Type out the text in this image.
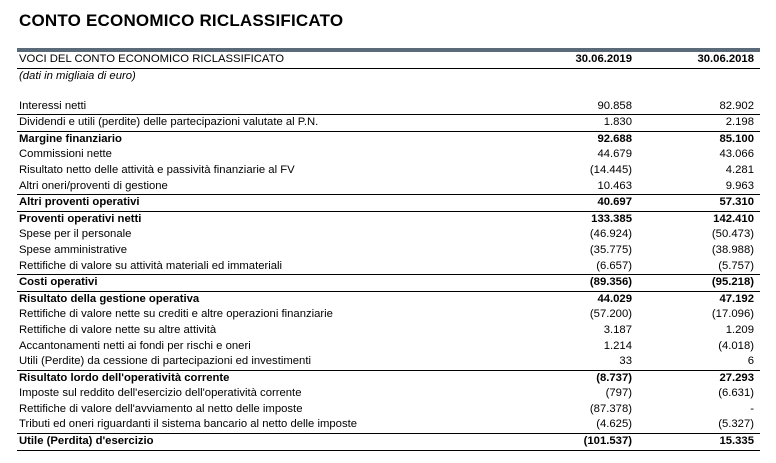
CONTO ECONOMICO RICLASSIFICATO
VOCI DEL CONTO ECONOMICO RICLASSIFICATO	30.06.2019	30.06.2018
(dati in migliaia di euro)
Interessi netti	90.858	82.902
Dividendi e utili (perdite) delle partecipazioni valutate al P.N.	1.830	2.198
Margine finanziario	92.688	85.100
Commissioni nette	44.679	43.066
Risultato netto delle attività e passività finanziarie al FV	(14.445)	4.281
Altri oneri/proventi di gestione	10.463	9.963
Altri proventi operativi	40.697	57.310
Proventi operativi netti	133.385	142.410
Spese per il personale	(46.924)	(50.473)
Spese amministrative	(35.775)	(38.988)
Rettifiche di valore su attività materiali ed immateriali	(6.657)	(5.757)
Costi operativi	(89.356)	(95.218)
Risultato della gestione operativa	44.029	47.192
Rettifiche di valore nette su crediti e altre operazioni finanziarie	(57.200)	(17.096)
Rettifiche di valore nette su altre attività	3.187	1.209
Accantonamenti netti ai fondi per rischi e oneri	1.214	(4.018)
Utili (Perdite) da cessione di partecipazioni ed investimenti	33	6
Risultato lordo dell'operatività corrente	(8.737)	27.293
Imposte sul reddito dell'esercizio dell'operatività corrente	(797)	(6.631)
Rettifiche di valore dell'avviamento al netto delle imposte	(87.378)	-
Tributi ed oneri riguardanti il sistema bancario al netto delle imposte	(4.625)	(5.327)
Utile (Perdita) d'esercizio	(101.537)	15.335
